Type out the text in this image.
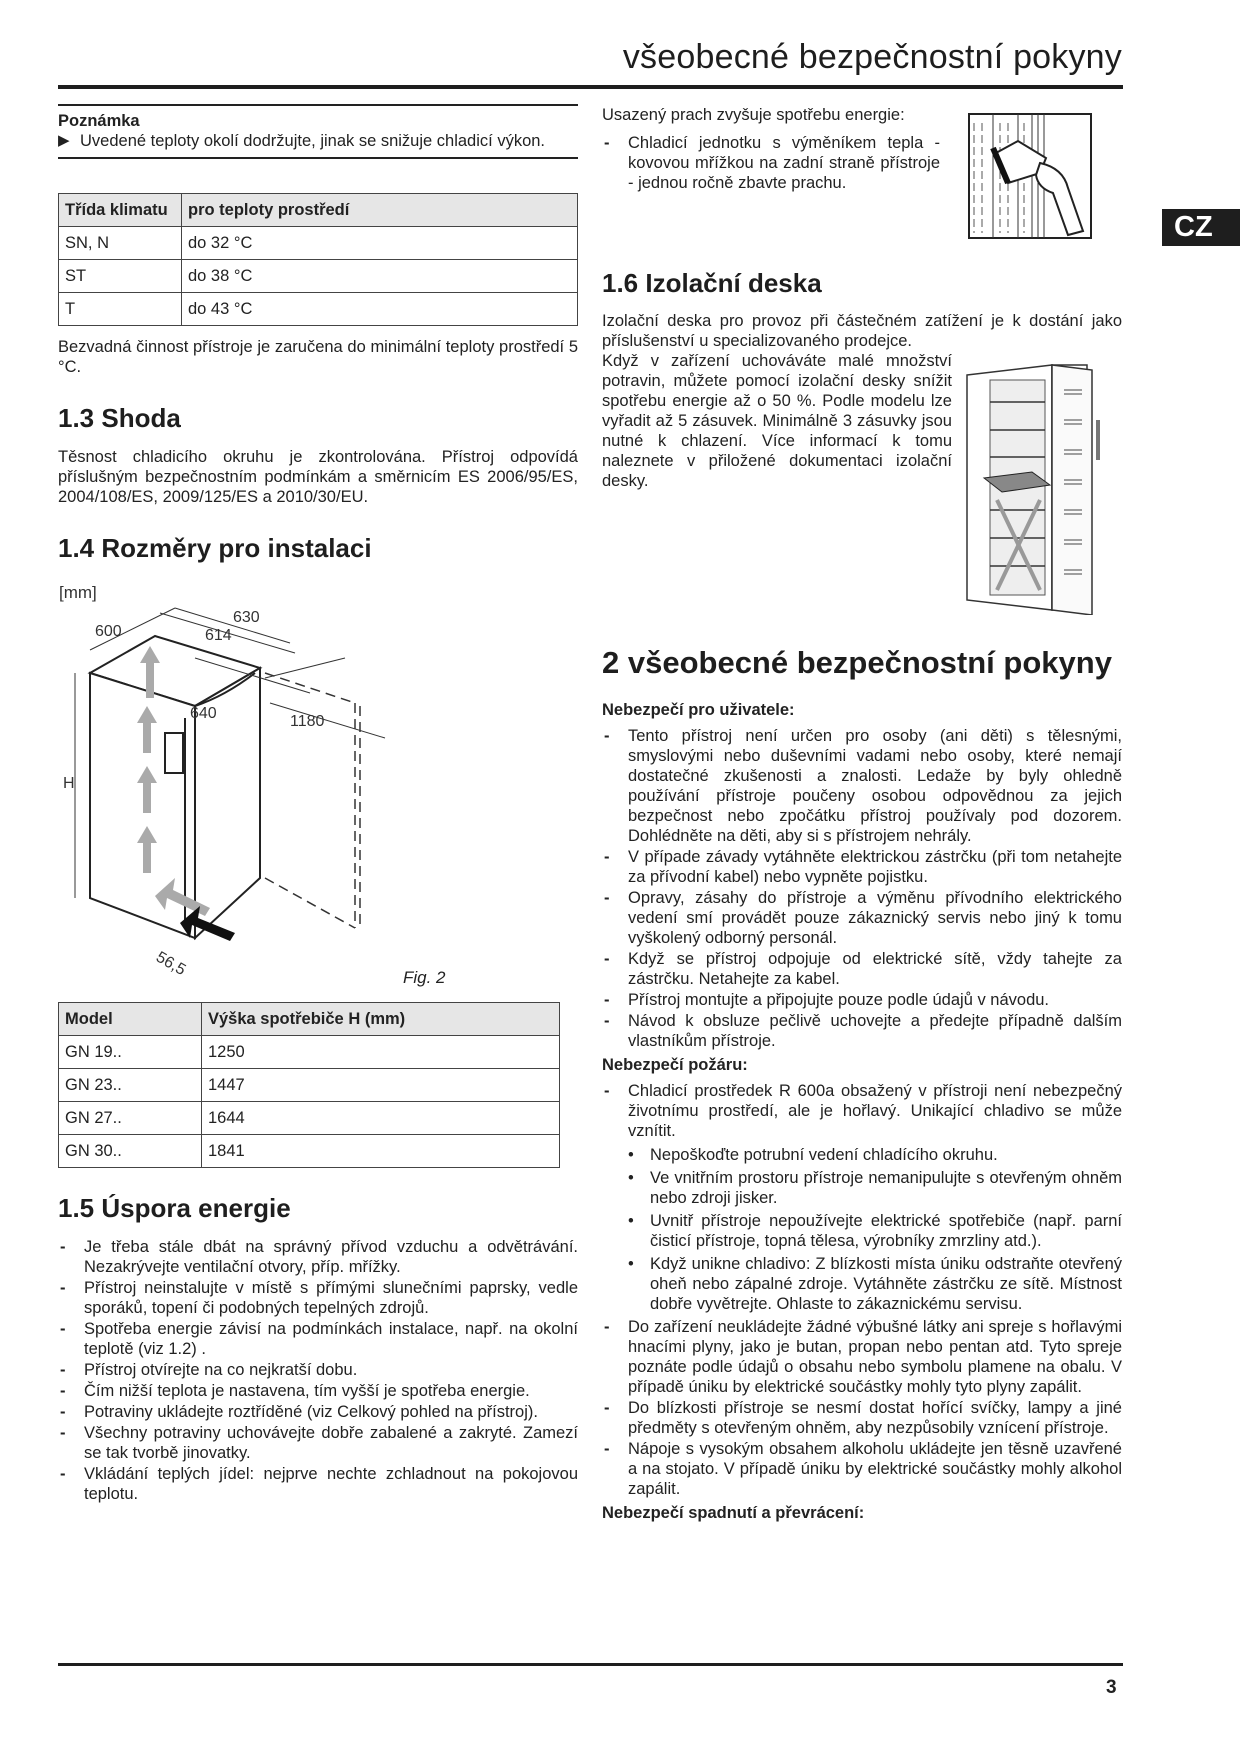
všeobecné bezpečnostní pokyny
CZ
Poznámka
▶ Uvedené teploty okolí dodržujte, jinak se snižuje chladicí výkon.
Třída klimatu	pro teploty prostředí
SN, N	do 32 °C
ST	do 38 °C
T	do 43 °C
Bezvadná činnost přístroje je zaručena do minimální teploty prostředí 5 °C.
1.3 Shoda
Těsnost chladicího okruhu je zkontrolována. Přístroj odpovídá příslušným bezpečnostním podmínkám a směrnicím ES 2006/95/ES, 2004/108/ES, 2009/125/ES a 2010/30/EU.
1.4 Rozměry pro instalaci
[mm]
600
630
614
640	1180
H
56,5	Fig. 2
Model	Výška spotřebiče H (mm)
GN 19..	1250
GN 23..	1447
GN 27..	1644
GN 30..	1841
1.5 Úspora energie
- Je třeba stále dbát na správný přívod vzduchu a odvětrávání. Nezakrývejte ventilační otvory, příp. mřížky.
- Přístroj neinstalujte v místě s přímými slunečními paprsky, vedle sporáků, topení či podobných tepelných zdrojů.
- Spotřeba energie závisí na podmínkách instalace, např. na okolní teplotě (viz 1.2) .
- Přístroj otvírejte na co nejkratší dobu.
- Čím nižší teplota je nastavena, tím vyšší je spotřeba energie.
- Potraviny ukládejte roztříděné (viz Celkový pohled na přístroj).
- Všechny potraviny uchovávejte dobře zabalené a zakryté. Zamezí se tak tvorbě jinovatky.
- Vkládání teplých jídel: nejprve nechte zchladnout na pokojovou teplotu.
Usazený prach zvyšuje spotřebu energie:
- Chladicí jednotku s výměníkem tepla - kovovou mřížkou na zadní straně přístroje - jednou ročně zbavte prachu.
1.6 Izolační deska
Izolační deska pro provoz při částečném zatížení je k dostání jako příslušenství u specializovaného prodejce.
Když v zařízení uchováváte malé množství potravin, můžete pomocí izolační desky snížit spotřebu energie až o 50 %. Podle modelu lze vyřadit až 5 zásuvek. Minimálně 3 zásuvky jsou nutné k chlazení. Více informací k tomu naleznete v přiložené dokumentaci izolační desky.
2 všeobecné bezpečnostní pokyny
Nebezpečí pro uživatele:
- Tento přístroj není určen pro osoby (ani děti) s tělesnými, smyslovými nebo duševními vadami nebo osoby, které nemají dostatečné zkušenosti a znalosti. Ledaže by byly ohledně používání přístroje poučeny osobou odpovědnou za jejich bezpečnost nebo zpočátku přístroj používaly pod dozorem. Dohlédněte na děti, aby si s přístrojem nehrály.
- V případe závady vytáhněte elektrickou zástrčku (při tom netahejte za přívodní kabel) nebo vypněte pojistku.
- Opravy, zásahy do přístroje a výměnu přívodního elektrického vedení smí provádět pouze zákaznický servis nebo jiný k tomu vyškolený odborný personál.
- Když se přístroj odpojuje od elektrické sítě, vždy tahejte za zástrčku. Netahejte za kabel.
- Přístroj montujte a připojujte pouze podle údajů v návodu.
- Návod k obsluze pečlivě uchovejte a předejte případně dalším vlastníkům přístroje.
Nebezpečí požáru:
- Chladicí prostředek R 600a obsažený v přístroji není nebezpečný životnímu prostředí, ale je hořlavý. Unikající chladivo se může vznítit.
• Nepoškoďte potrubní vedení chladícího okruhu.
• Ve vnitřním prostoru přístroje nemanipulujte s otevřeným ohněm nebo zdroji jisker.
• Uvnitř přístroje nepoužívejte elektrické spotřebiče (např. parní čisticí přístroje, topná tělesa, výrobníky zmrzliny atd.).
• Když unikne chladivo: Z blízkosti místa úniku odstraňte otevřený oheň nebo zápalné zdroje. Vytáhněte zástrčku ze sítě. Místnost dobře vyvětrejte. Ohlaste to zákaznickému servisu.
- Do zařízení neukládejte žádné výbušné látky ani spreje s hořlavými hnacími plyny, jako je butan, propan nebo pentan atd. Tyto spreje poznáte podle údajů o obsahu nebo symbolu plamene na obalu. V případě úniku by elektrické součástky mohly tyto plyny zapálit.
- Do blízkosti přístroje se nesmí dostat hořící svíčky, lampy a jiné předměty s otevřeným ohněm, aby nezpůsobily vznícení přístroje.
- Nápoje s vysokým obsahem alkoholu ukládejte jen těsně uzavřené a na stojato. V případě úniku by elektrické součástky mohly alkohol zapálit.
Nebezpečí spadnutí a převrácení:
3
